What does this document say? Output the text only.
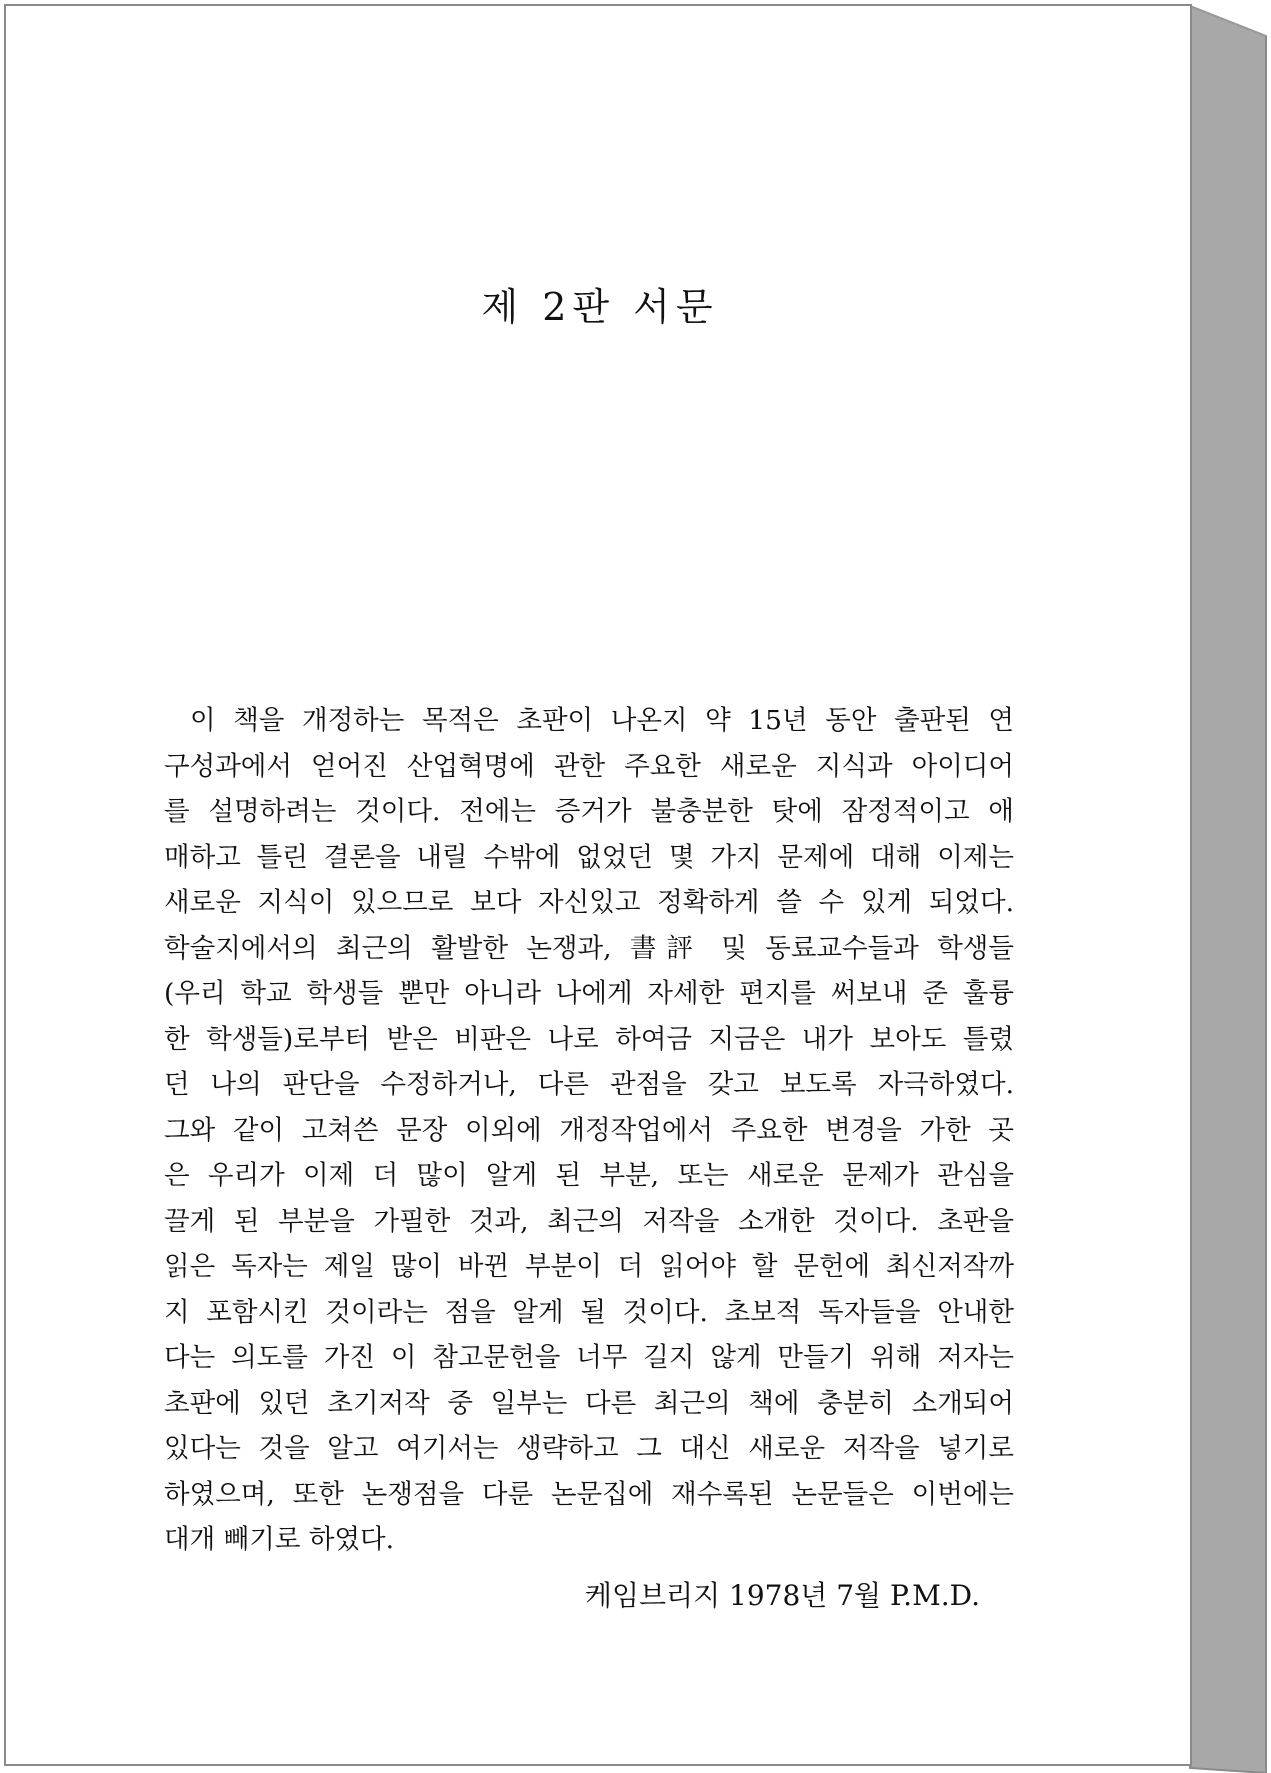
제 2판 서문
이 책을 개정하는 목적은 초판이 나온지 약 15년 동안 출판된 연
구성과에서 얻어진 산업혁명에 관한 주요한 새로운 지식과 아이디어
를 설명하려는 것이다. 전에는 증거가 불충분한 탓에 잠정적이고 애
매하고 틀린 결론을 내릴 수밖에 없었던 몇 가지 문제에 대해 이제는
새로운 지식이 있으므로 보다 자신있고 정확하게 쓸 수 있게 되었다.
학술지에서의 최근의 활발한 논쟁과, 書評 및 동료교수들과 학생들
(우리 학교 학생들 뿐만 아니라 나에게 자세한 편지를 써보내 준 훌륭
한 학생들)로부터 받은 비판은 나로 하여금 지금은 내가 보아도 틀렸
던 나의 판단을 수정하거나, 다른 관점을 갖고 보도록 자극하였다.
그와 같이 고쳐쓴 문장 이외에 개정작업에서 주요한 변경을 가한 곳
은 우리가 이제 더 많이 알게 된 부분, 또는 새로운 문제가 관심을
끌게 된 부분을 가필한 것과, 최근의 저작을 소개한 것이다. 초판을
읽은 독자는 제일 많이 바뀐 부분이 더 읽어야 할 문헌에 최신저작까
지 포함시킨 것이라는 점을 알게 될 것이다. 초보적 독자들을 안내한
다는 의도를 가진 이 참고문헌을 너무 길지 않게 만들기 위해 저자는
초판에 있던 초기저작 중 일부는 다른 최근의 책에 충분히 소개되어
있다는 것을 알고 여기서는 생략하고 그 대신 새로운 저작을 넣기로
하였으며, 또한 논쟁점을 다룬 논문집에 재수록된 논문들은 이번에는
대개 빼기로 하였다.

케임브리지 1978년 7월 P.M.D.
